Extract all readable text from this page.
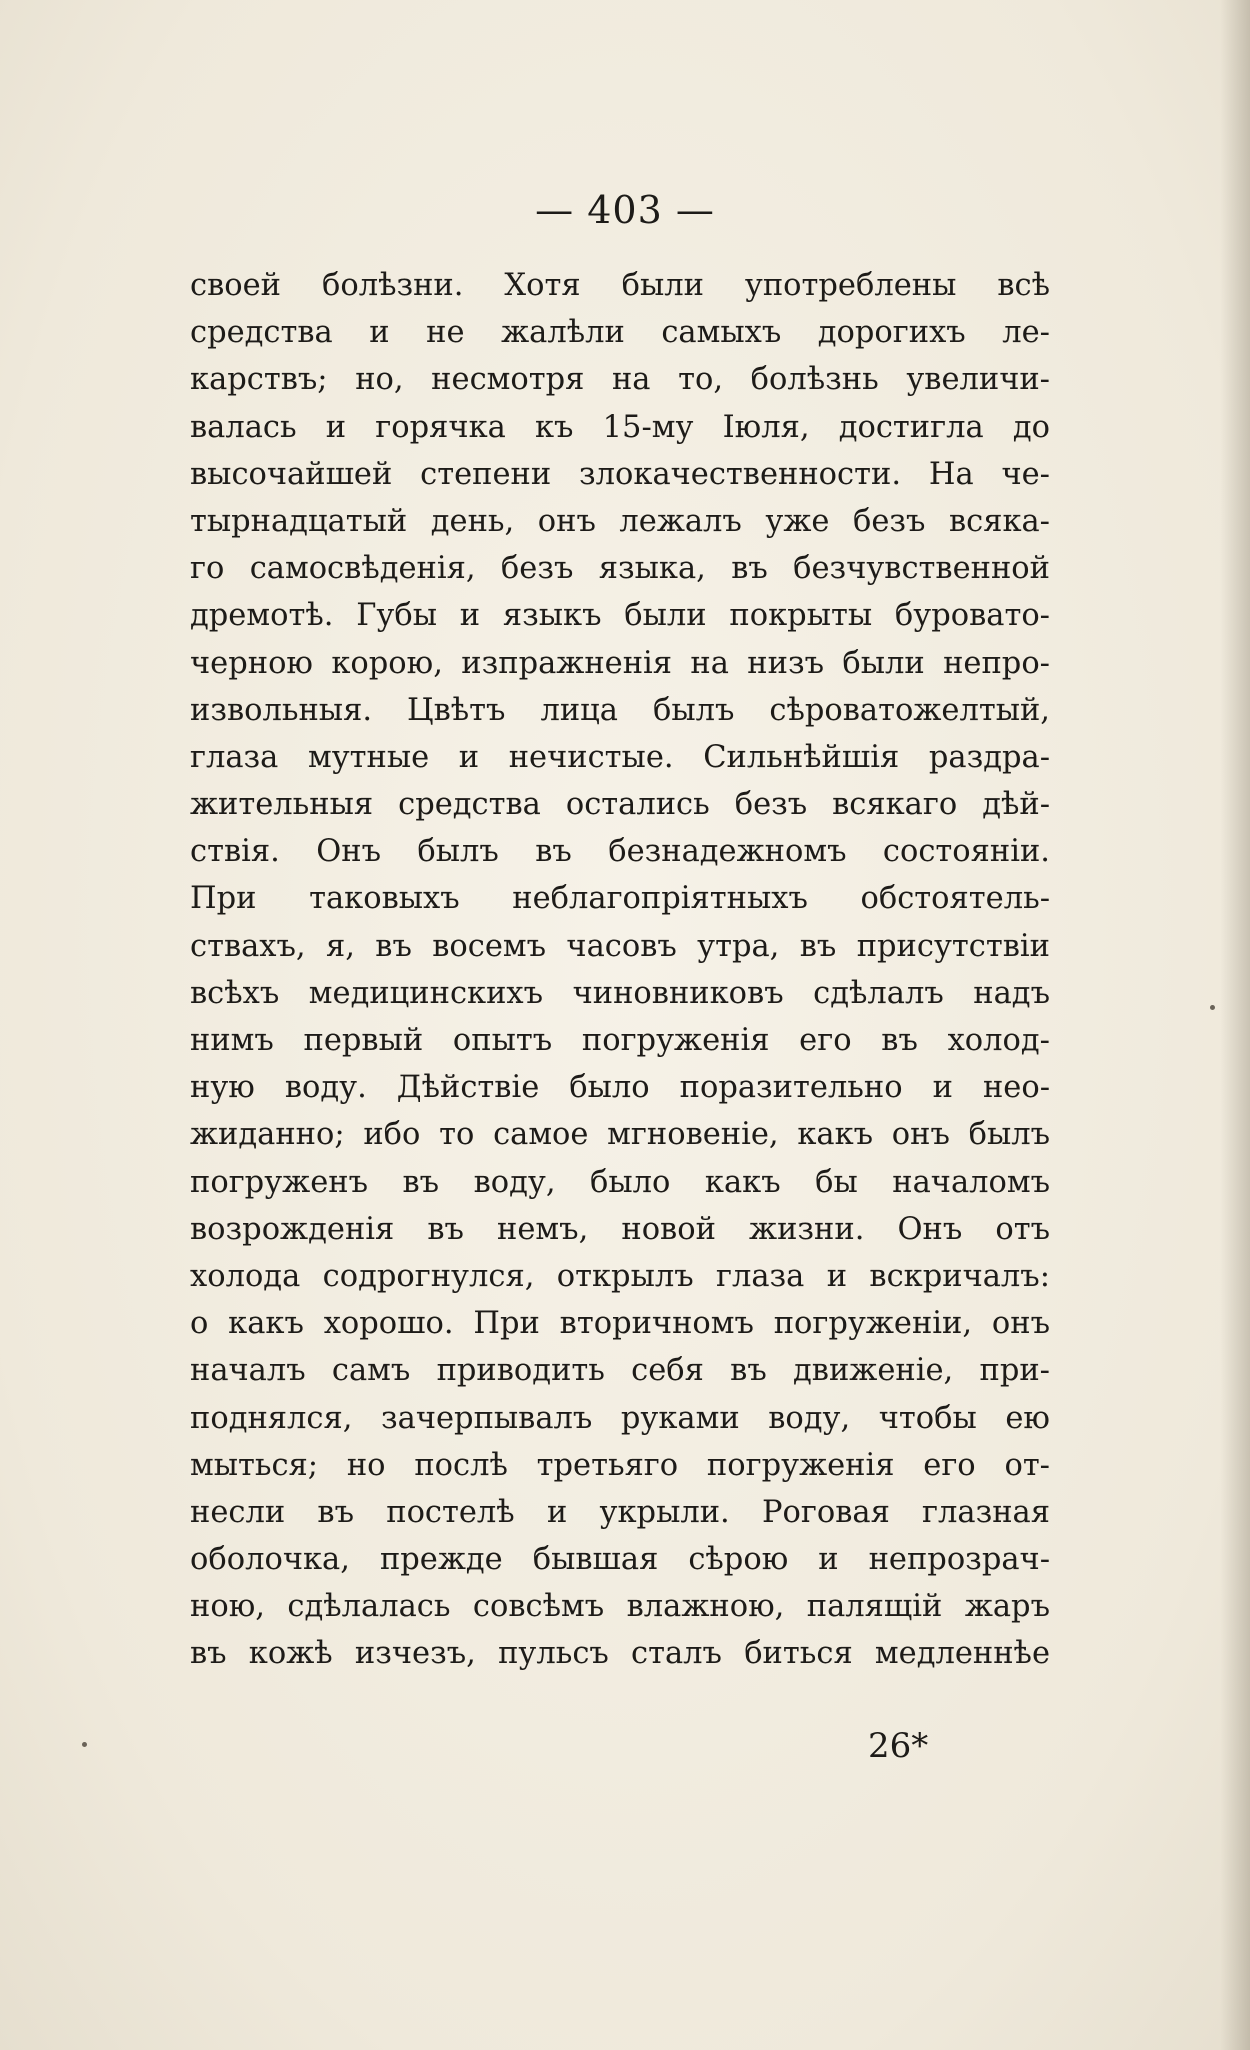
— 403 —
своей болѣзни. Хотя были употреблены всѣ
средства и не жалѣли самыхъ дорогихъ ле-
карствъ; но, несмотря на то, болѣзнь увеличи-
валась и горячка къ 15-му Іюля, достигла до
высочайшей степени злокачественности. На че-
тырнадцатый день, онъ лежалъ уже безъ всяка-
го самосвѣденія, безъ языка, въ безчувственной
дремотѣ. Губы и языкъ были покрыты буровато-
черною корою, изпражненія на низъ были непро-
извольныя. Цвѣтъ лица былъ сѣроватожелтый,
глаза мутные и нечистые. Сильнѣйшія раздра-
жительныя средства остались безъ всякаго дѣй-
ствія. Онъ былъ въ безнадежномъ состояніи.
При таковыхъ неблагопріятныхъ обстоятель-
ствахъ, я, въ восемъ часовъ утра, въ присутствіи
всѣхъ медицинскихъ чиновниковъ сдѣлалъ надъ
нимъ первый опытъ погруженія его въ холод-
ную воду. Дѣйствіе было поразительно и нео-
жиданно; ибо то самое мгновеніе, какъ онъ былъ
погруженъ въ воду, было какъ бы началомъ
возрожденія въ немъ, новой жизни. Онъ отъ
холода содрогнулся, открылъ глаза и вскричалъ:
о какъ хорошо. При вторичномъ погруженіи, онъ
началъ самъ приводить себя въ движеніе, при-
поднялся, зачерпывалъ руками воду, чтобы ею
мыться; но послѣ третьяго погруженія его от-
несли въ постелѣ и укрыли. Роговая глазная
оболочка, прежде бывшая сѣрою и непрозрач-
ною, сдѣлалась совсѣмъ влажною, палящій жаръ
въ кожѣ изчезъ, пульсъ сталъ биться медленнѣе
26*
